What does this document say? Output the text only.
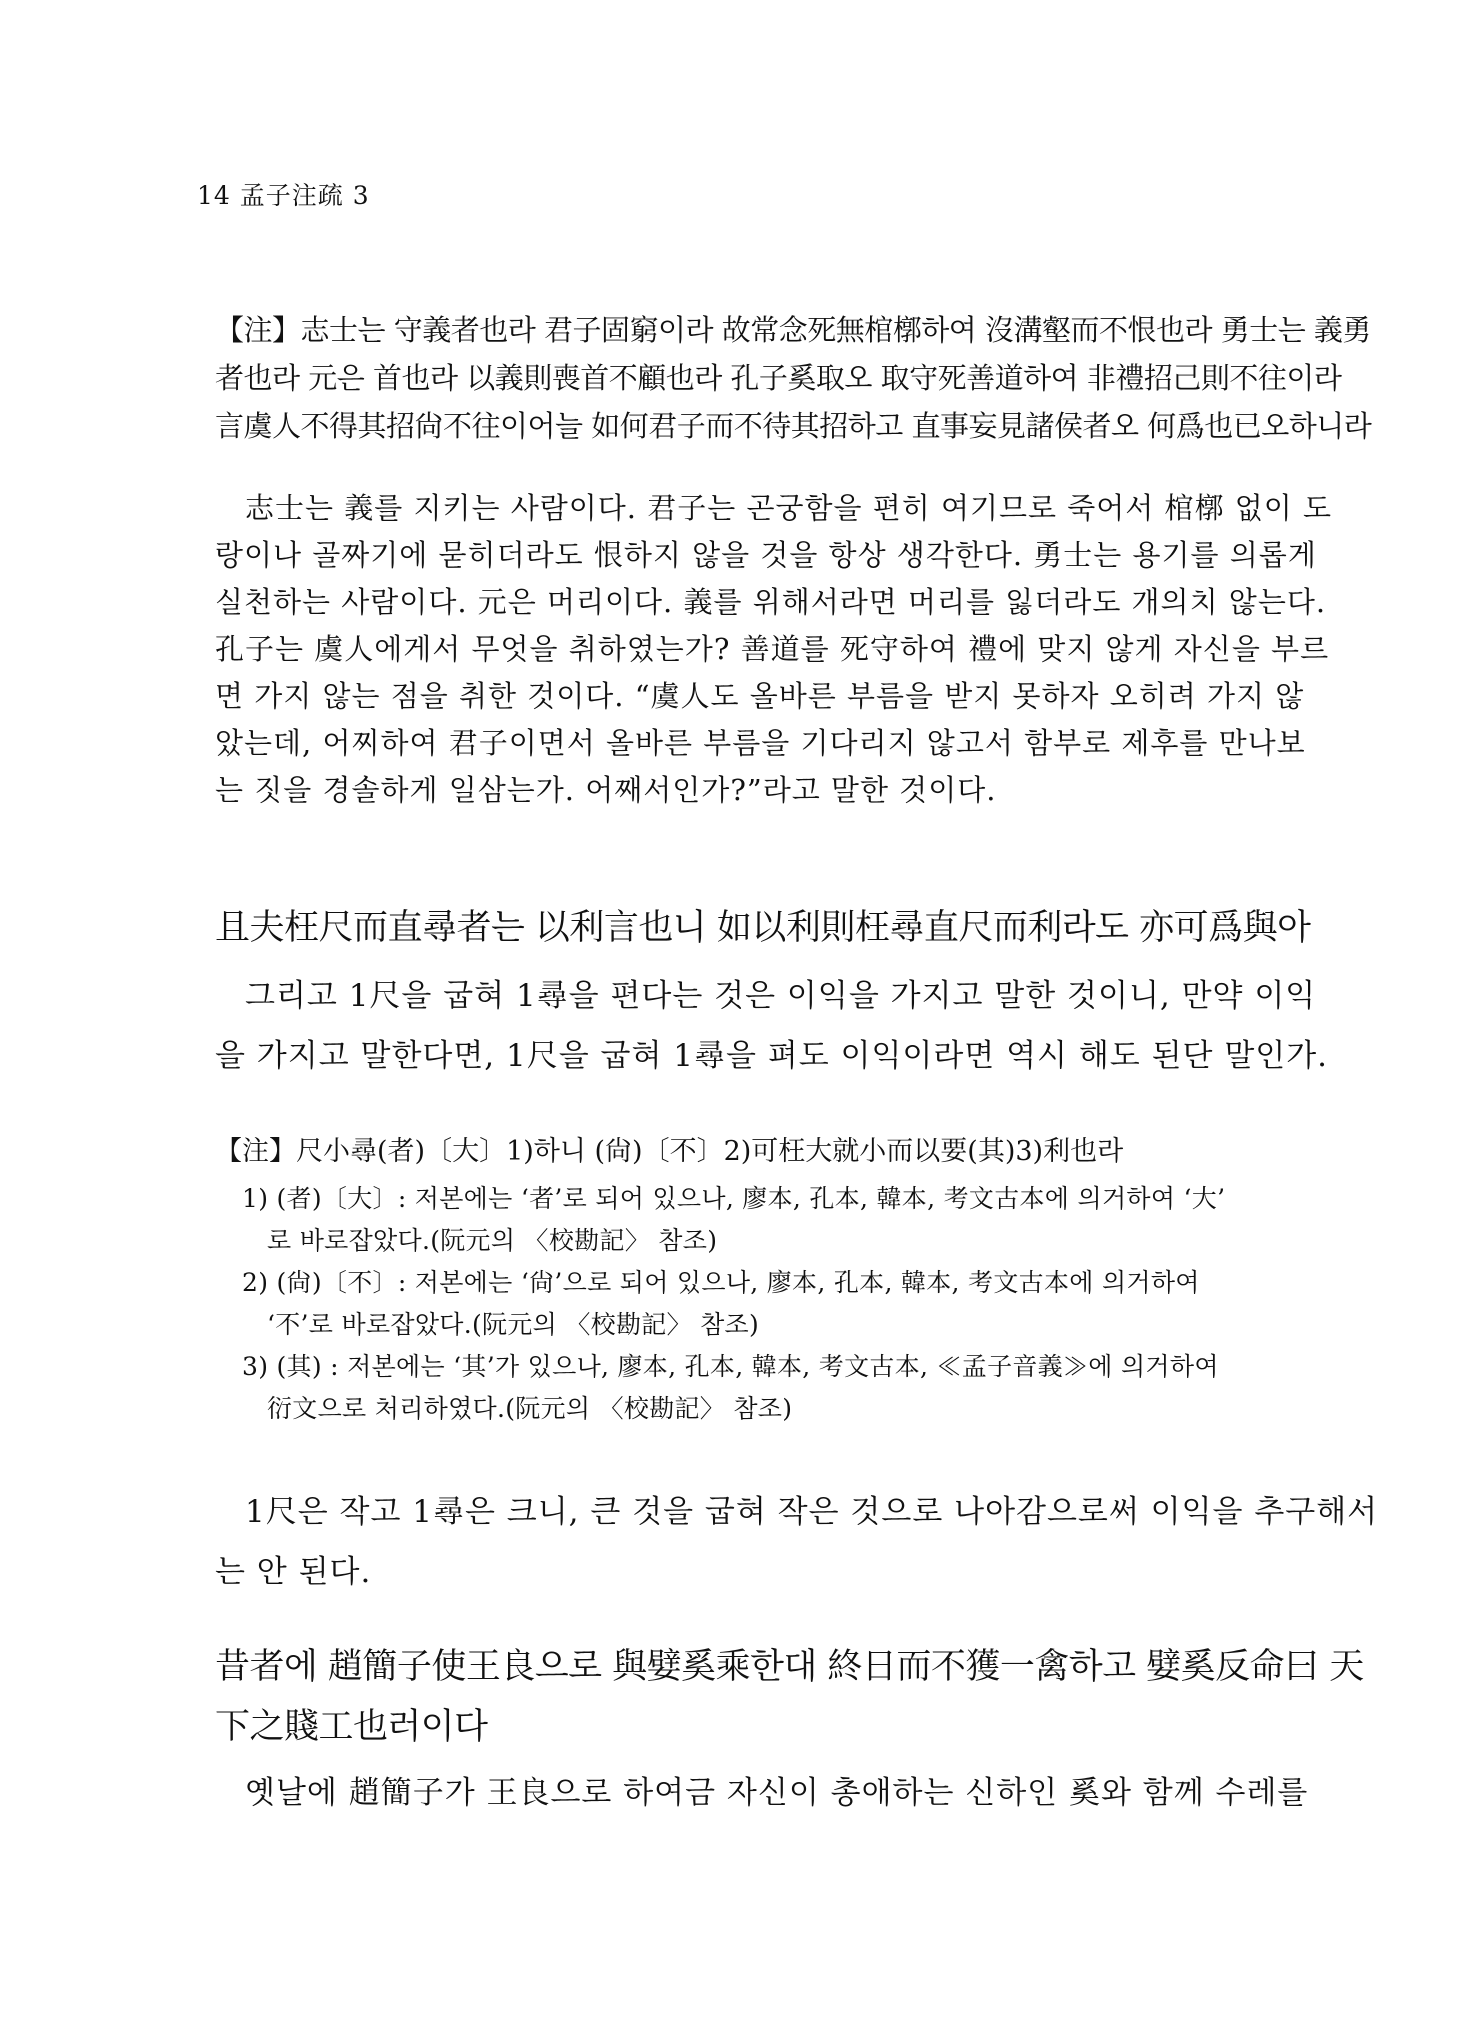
14 孟子注疏 3
【注】志士는 守義者也라 君子固窮이라 故常念死無棺槨하여 沒溝壑而不恨也라 勇士는 義勇
者也라 元은 首也라 以義則喪首不顧也라 孔子奚取오 取守死善道하여 非禮招己則不往이라
言虞人不得其招尙不往이어늘 如何君子而不待其招하고 直事妄見諸侯者오 何爲也已오하니라
志士는 義를 지키는 사람이다. 君子는 곤궁함을 편히 여기므로 죽어서 棺槨 없이 도
랑이나 골짜기에 묻히더라도 恨하지 않을 것을 항상 생각한다. 勇士는 용기를 의롭게
실천하는 사람이다. 元은 머리이다. 義를 위해서라면 머리를 잃더라도 개의치 않는다.
孔子는 虞人에게서 무엇을 취하였는가? 善道를 死守하여 禮에 맞지 않게 자신을 부르
면 가지 않는 점을 취한 것이다. “虞人도 올바른 부름을 받지 못하자 오히려 가지 않
았는데, 어찌하여 君子이면서 올바른 부름을 기다리지 않고서 함부로 제후를 만나보
는 짓을 경솔하게 일삼는가. 어째서인가?”라고 말한 것이다.
且夫枉尺而直尋者는 以利言也니 如以利則枉尋直尺而利라도 亦可爲與아
그리고 1尺을 굽혀 1尋을 편다는 것은 이익을 가지고 말한 것이니, 만약 이익
을 가지고 말한다면, 1尺을 굽혀 1尋을 펴도 이익이라면 역시 해도 된단 말인가.
【注】尺小尋(者)〔大〕1)하니 (尙)〔不〕2)可枉大就小而以要(其)3)利也라
1) (者)〔大〕: 저본에는 ‘者’로 되어 있으나, 廖本, 孔本, 韓本, 考文古本에 의거하여 ‘大’
로 바로잡았다.(阮元의 〈校勘記〉 참조)
2) (尙)〔不〕: 저본에는 ‘尙’으로 되어 있으나, 廖本, 孔本, 韓本, 考文古本에 의거하여
‘不’로 바로잡았다.(阮元의 〈校勘記〉 참조)
3) (其) : 저본에는 ‘其’가 있으나, 廖本, 孔本, 韓本, 考文古本, ≪孟子音義≫에 의거하여
衍文으로 처리하였다.(阮元의 〈校勘記〉 참조)
1尺은 작고 1尋은 크니, 큰 것을 굽혀 작은 것으로 나아감으로써 이익을 추구해서
는 안 된다.
昔者에 趙簡子使王良으로 與嬖奚乘한대 終日而不獲一禽하고 嬖奚反命曰 天
下之賤工也러이다
옛날에 趙簡子가 王良으로 하여금 자신이 총애하는 신하인 奚와 함께 수레를
